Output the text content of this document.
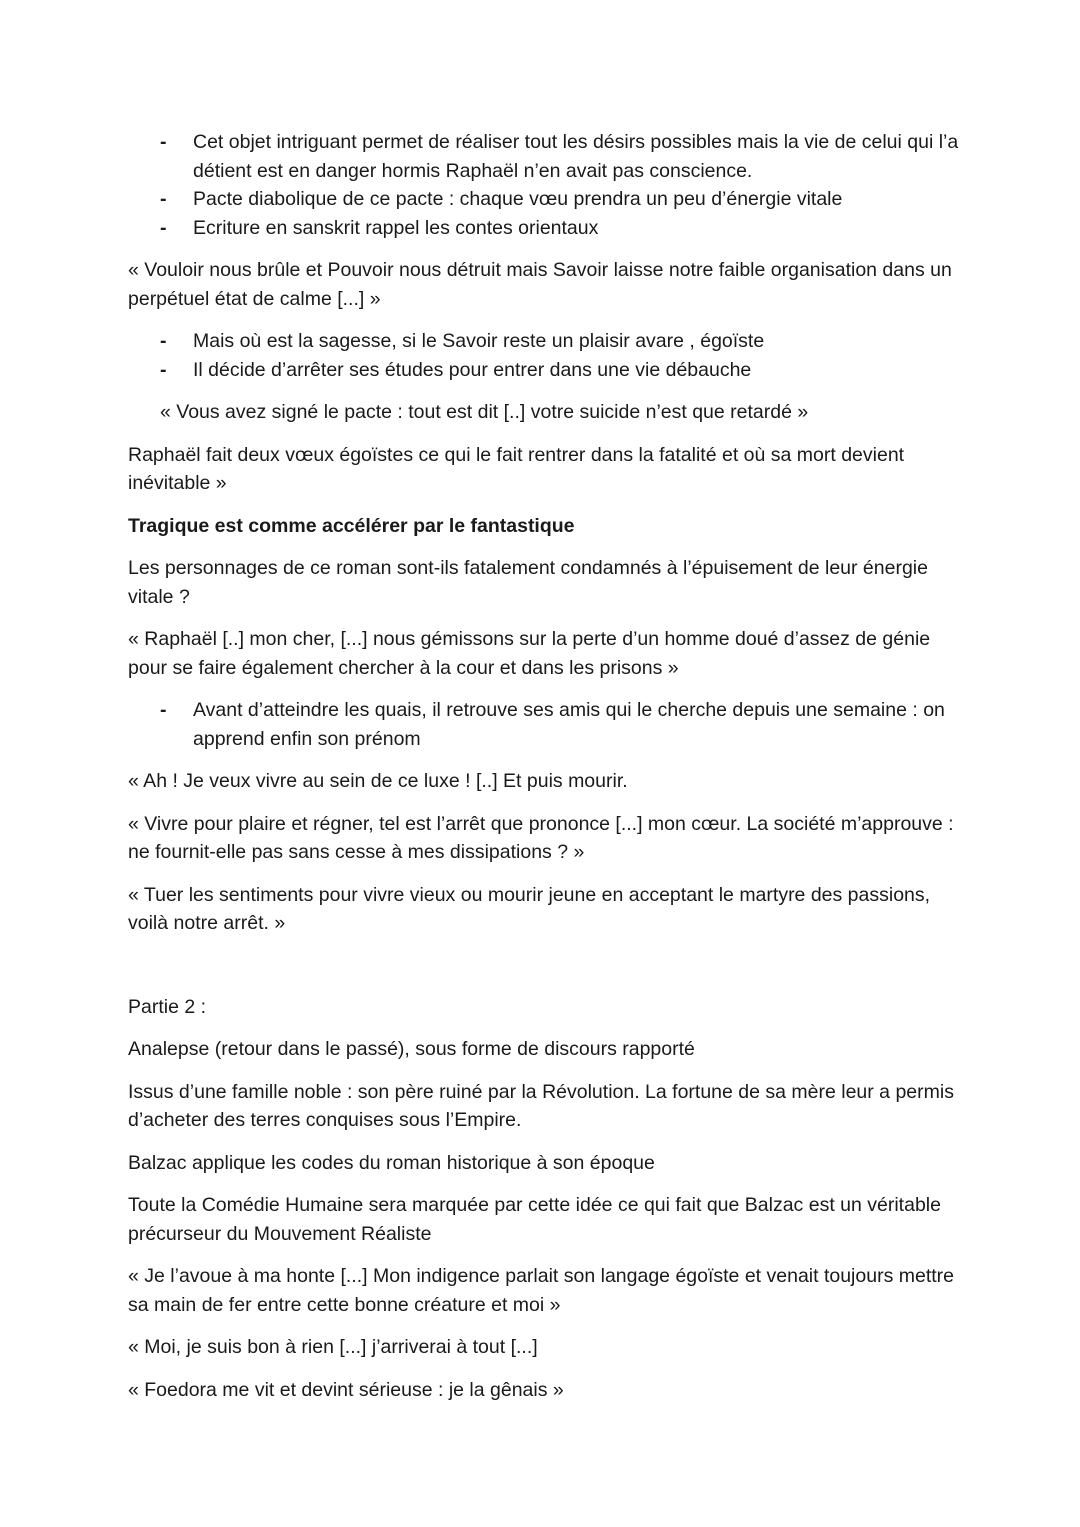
- Cet objet intriguant permet de réaliser tout les désirs possibles mais la vie de celui qui l’a détient est en danger hormis Raphaël n’en avait pas conscience.
- Pacte diabolique de ce pacte : chaque vœu prendra un peu d’énergie vitale
- Ecriture en sanskrit rappel les contes orientaux

« Vouloir nous brûle et Pouvoir nous détruit mais Savoir laisse notre faible organisation dans un perpétuel état de calme [...] »

- Mais où est la sagesse, si le Savoir reste un plaisir avare , égoïste
- Il décide d’arrêter ses études pour entrer dans une vie débauche

« Vous avez signé le pacte : tout est dit [..] votre suicide n’est que retardé »

Raphaël fait deux vœux égoïstes ce qui le fait rentrer dans la fatalité et où sa mort devient inévitable »

Tragique est comme accélérer par le fantastique

Les personnages de ce roman sont-ils fatalement condamnés à l’épuisement de leur énergie vitale ?

« Raphaël [..] mon cher, [...] nous gémissons sur la perte d’un homme doué d’assez de génie pour se faire également chercher à la cour et dans les prisons »

- Avant d’atteindre les quais, il retrouve ses amis qui le cherche depuis une semaine : on apprend enfin son prénom

« Ah ! Je veux vivre au sein de ce luxe ! [..] Et puis mourir.

« Vivre pour plaire et régner, tel est l’arrêt que prononce [...] mon cœur. La société m’approuve : ne fournit-elle pas sans cesse à mes dissipations ? »

« Tuer les sentiments pour vivre vieux ou mourir jeune en acceptant le martyre des passions, voilà notre arrêt. »

Partie 2 :

Analepse (retour dans le passé), sous forme de discours rapporté

Issus d’une famille noble : son père ruiné par la Révolution. La fortune de sa mère leur a permis d’acheter des terres conquises sous l’Empire.

Balzac applique les codes du roman historique à son époque

Toute la Comédie Humaine sera marquée par cette idée ce qui fait que Balzac est un véritable précurseur du Mouvement Réaliste

« Je l’avoue à ma honte [...] Mon indigence parlait son langage égoïste et venait toujours mettre sa main de fer entre cette bonne créature et moi »

« Moi, je suis bon à rien [...] j’arriverai à tout [...]

« Foedora me vit et devint sérieuse : je la gênais »
